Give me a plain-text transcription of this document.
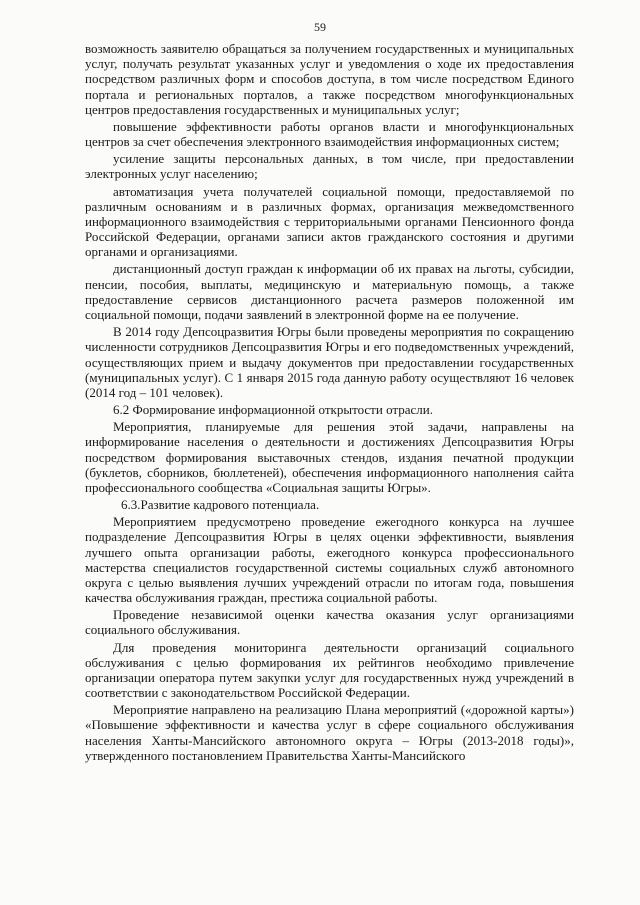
59

возможность заявителю обращаться за получением государственных и муниципальных услуг, получать результат указанных услуг и уведомления о ходе их предоставления посредством различных форм и способов доступа, в том числе посредством Единого портала и региональных порталов, а также посредством многофункциональных центров предоставления государственных и муниципальных услуг;

повышение эффективности работы органов власти и многофункциональных центров за счет обеспечения электронного взаимодействия информационных систем;

усиление защиты персональных данных, в том числе, при предоставлении электронных услуг населению;

автоматизация учета получателей социальной помощи, предоставляемой по различным основаниям и в различных формах, организация межведомственного информационного взаимодействия с территориальными органами Пенсионного фонда Российской Федерации, органами записи актов гражданского состояния и другими органами и организациями.

дистанционный доступ граждан к информации об их правах на льготы, субсидии, пенсии, пособия, выплаты, медицинскую и материальную помощь, а также предоставление сервисов дистанционного расчета размеров положенной им социальной помощи, подачи заявлений в электронной форме на ее получение.

В 2014 году Депсоцразвития Югры были проведены мероприятия по сокращению численности сотрудников Депсоцразвития Югры и его подведомственных учреждений, осуществляющих прием и выдачу документов при предоставлении государственных (муниципальных услуг). С 1 января 2015 года данную работу осуществляют 16 человек (2014 год – 101 человек).

6.2 Формирование информационной открытости отрасли.

Мероприятия, планируемые для решения этой задачи, направлены на информирование населения о деятельности и достижениях Депсоцразвития Югры посредством формирования выставочных стендов, издания печатной продукции (буклетов, сборников, бюллетеней), обеспечения информационного наполнения сайта профессионального сообщества «Социальная защиты Югры».

6.3.Развитие кадрового потенциала.

Мероприятием предусмотрено проведение ежегодного конкурса на лучшее подразделение Депсоцразвития Югры в целях оценки эффективности, выявления лучшего опыта организации работы, ежегодного конкурса профессионального мастерства специалистов государственной системы социальных служб автономного округа с целью выявления лучших учреждений отрасли по итогам года, повышения качества обслуживания граждан, престижа социальной работы.

Проведение независимой оценки качества оказания услуг организациями социального обслуживания.

Для проведения мониторинга деятельности организаций социального обслуживания с целью формирования их рейтингов необходимо привлечение организации оператора путем закупки услуг для государственных нужд учреждений в соответствии с законодательством Российской Федерации.

Мероприятие направлено на реализацию Плана мероприятий («дорожной карты») «Повышение эффективности и качества услуг в сфере социального обслуживания населения Ханты-Мансийского автономного округа – Югры (2013-2018 годы)», утвержденного постановлением Правительства Ханты-Мансийского
